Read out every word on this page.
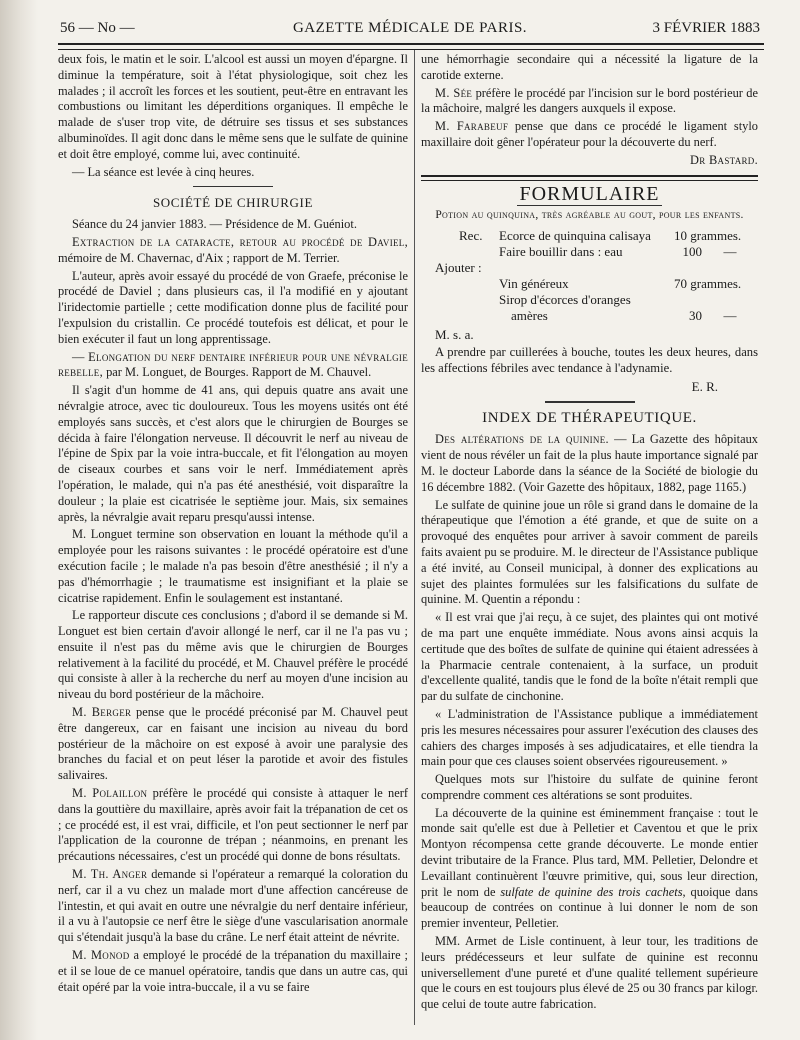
56 — No —	GAZETTE MÉDICALE DE PARIS.	3 FÉVRIER 1883

deux fois, le matin et le soir. L'alcool est aussi un moyen d'épargne. Il diminue la température, soit à l'état physiologique, soit chez les malades ; il accroît les forces et les soutient, peut-être en entravant les combustions ou limitant les déperditions organiques. Il empêche le malade de s'user trop vite, de détruire ses tissus et ses substances albuminoïdes. Il agit donc dans le même sens que le sulfate de quinine et doit être employé, comme lui, avec continuité.

— La séance est levée à cinq heures.

SOCIÉTÉ DE CHIRURGIE

Séance du 24 janvier 1883. — Présidence de M. Guéniot.

Extraction de la cataracte, retour au procédé de Daviel, mémoire de M. Chavernac, d'Aix ; rapport de M. Terrier.

L'auteur, après avoir essayé du procédé de von Graefe, préconise le procédé de Daviel ; dans plusieurs cas, il l'a modifié en y ajoutant l'iridectomie partielle ; cette modification donne plus de facilité pour l'expulsion du cristallin. Ce procédé toutefois est délicat, et pour le bien exécuter il faut un long apprentissage.

— Elongation du nerf dentaire inférieur pour une névralgie rebelle, par M. Longuet, de Bourges. Rapport de M. Chauvel.

Il s'agit d'un homme de 41 ans, qui depuis quatre ans avait une névralgie atroce, avec tic douloureux. Tous les moyens usités ont été employés sans succès, et c'est alors que le chirurgien de Bourges se décida à faire l'élongation nerveuse. Il découvrit le nerf au niveau de l'épine de Spix par la voie intra-buccale, et fit l'élongation au moyen de ciseaux courbes et sans voir le nerf. Immédiatement après l'opération, le malade, qui n'a pas été anesthésié, voit disparaître la douleur ; la plaie est cicatrisée le septième jour. Mais, six semaines après, la névralgie avait reparu presqu'aussi intense.

M. Longuet termine son observation en louant la méthode qu'il a employée pour les raisons suivantes : le procédé opératoire est d'une exécution facile ; le malade n'a pas besoin d'être anesthésié ; il n'y a pas d'hémorrhagie ; le traumatisme est insignifiant et la plaie se cicatrise rapidement. Enfin le soulagement est instantané.

Le rapporteur discute ces conclusions ; d'abord il se demande si M. Longuet est bien certain d'avoir allongé le nerf, car il ne l'a pas vu ; ensuite il n'est pas du même avis que le chirurgien de Bourges relativement à la facilité du procédé, et M. Chauvel préfère le procédé qui consiste à aller à la recherche du nerf au moyen d'une incision au niveau du bord postérieur de la mâchoire.

M. Berger pense que le procédé préconisé par M. Chauvel peut être dangereux, car en faisant une incision au niveau du bord postérieur de la mâchoire on est exposé à avoir une paralysie des branches du facial et on peut léser la parotide et avoir des fistules salivaires.

M. Polaillon préfère le procédé qui consiste à attaquer le nerf dans la gouttière du maxillaire, après avoir fait la trépanation de cet os ; ce procédé est, il est vrai, difficile, et l'on peut sectionner le nerf par l'application de la couronne de trépan ; néanmoins, en prenant les précautions nécessaires, c'est un procédé qui donne de bons résultats.

M. Th. Anger demande si l'opérateur a remarqué la coloration du nerf, car il a vu chez un malade mort d'une affection cancéreuse de l'intestin, et qui avait en outre une névralgie du nerf dentaire inférieur, il a vu à l'autopsie ce nerf être le siège d'une vascularisation anormale qui s'étendait jusqu'à la base du crâne. Le nerf était atteint de névrite.

M. Monod a employé le procédé de la trépanation du maxillaire ; et il se loue de ce manuel opératoire, tandis que dans un autre cas, qui était opéré par la voie intra-buccale, il a vu se faire

une hémorrhagie secondaire qui a nécessité la ligature de la carotide externe.

M. Sée préfère le procédé par l'incision sur le bord postérieur de la mâchoire, malgré les dangers auxquels il expose.

M. Farabeuf pense que dans ce procédé le ligament stylo maxillaire doit gêner l'opérateur pour la découverte du nerf.

Dr Bastard.

FORMULAIRE
Potion au quinquina, très agréable au gout, pour les enfants.
Rec.	Ecorce de quinquina calisaya	10 grammes.
Faire bouillir dans : eau	100	—
Ajouter :
Vin généreux	70 grammes.
Sirop d'écorces d'oranges
amères	30	—

M. s. a.

A prendre par cuillerées à bouche, toutes les deux heures, dans les affections fébriles avec tendance à l'adynamie.

E. R.

INDEX DE THÉRAPEUTIQUE.

Des altérations de la quinine. — La Gazette des hôpitaux vient de nous révéler un fait de la plus haute importance signalé par M. le docteur Laborde dans la séance de la Société de biologie du 16 décembre 1882. (Voir Gazette des hôpitaux, 1882, page 1165.)

Le sulfate de quinine joue un rôle si grand dans le domaine de la thérapeutique que l'émotion a été grande, et que de suite on a provoqué des enquêtes pour arriver à savoir comment de pareils faits avaient pu se produire. M. le directeur de l'Assistance publique a été invité, au Conseil municipal, à donner des explications au sujet des plaintes formulées sur les falsifications du sulfate de quinine. M. Quentin a répondu :

« Il est vrai que j'ai reçu, à ce sujet, des plaintes qui ont motivé de ma part une enquête immédiate. Nous avons ainsi acquis la certitude que des boîtes de sulfate de quinine qui étaient adressées à la Pharmacie centrale contenaient, à la surface, un produit d'excellente qualité, tandis que le fond de la boîte n'était rempli que par du sulfate de cinchonine.

« L'administration de l'Assistance publique a immédiatement pris les mesures nécessaires pour assurer l'exécution des clauses des cahiers des charges imposés à ses adjudicataires, et elle tiendra la main pour que ces clauses soient observées rigoureusement. »

Quelques mots sur l'histoire du sulfate de quinine feront comprendre comment ces altérations se sont produites.

La découverte de la quinine est éminemment française : tout le monde sait qu'elle est due à Pelletier et Caventou et que le prix Montyon récompensa cette grande découverte. Le monde entier devint tributaire de la France. Plus tard, MM. Pelletier, Delondre et Levaillant continuèrent l'œuvre primitive, qui, sous leur direction, prit le nom de sulfate de quinine des trois cachets, quoique dans beaucoup de contrées on continue à lui donner le nom de son premier inventeur, Pelletier.

MM. Armet de Lisle continuent, à leur tour, les traditions de leurs prédécesseurs et leur sulfate de quinine est reconnu universellement d'une pureté et d'une qualité tellement supérieure que le cours en est toujours plus élevé de 25 ou 30 francs par kilogr. que celui de toute autre fabrication.
